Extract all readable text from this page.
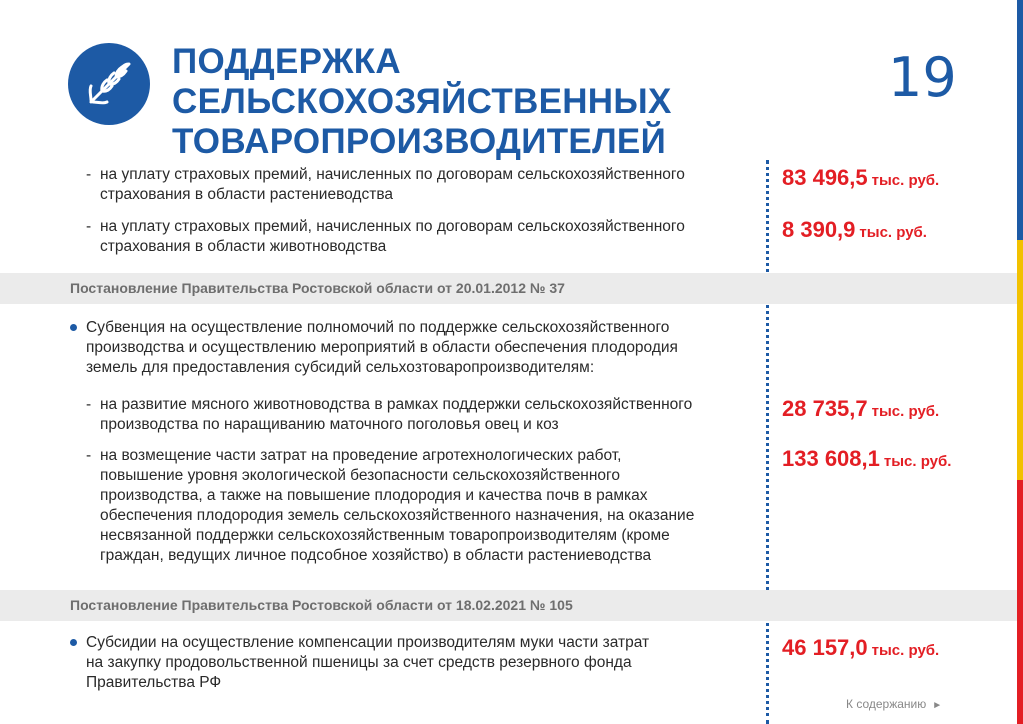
ПОДДЕРЖКА СЕЛЬСКОХОЗЯЙСТВЕННЫХ
ТОВАРОПРОИЗВОДИТЕЛЕЙ
19
- на уплату страховых премий, начисленных по договорам сельскохозяйственного
страхования в области растениеводства
83 496,5 тыс. руб.
- на уплату страховых премий, начисленных по договорам сельскохозяйственного
страхования в области животноводства
8 390,9 тыс. руб.
Постановление Правительства Ростовской области от 20.01.2012 № 37
Субвенция на осуществление полномочий по поддержке сельскохозяйственного
производства и осуществлению мероприятий в области обеспечения плодородия
земель для предоставления субсидий сельхозтоваропроизводителям:
- на развитие мясного животноводства в рамках поддержки сельскохозяйственного
производства по наращиванию маточного поголовья овец и коз
28 735,7 тыс. руб.
- на возмещение части затрат на проведение агротехнологических работ,
повышение уровня экологической безопасности сельскохозяйственного
производства, а также на повышение плодородия и качества почв в рамках
обеспечения плодородия земель сельскохозяйственного назначения, на оказание
несвязанной поддержки сельскохозяйственным товаропроизводителям (кроме
граждан, ведущих личное подсобное хозяйство) в области растениеводства
133 608,1 тыс. руб.
Постановление Правительства Ростовской области от 18.02.2021 № 105
Субсидии на осуществление компенсации производителям муки части затрат
на закупку продовольственной пшеницы за счет средств резервного фонда
Правительства РФ
46 157,0 тыс. руб.
К содержанию ►
